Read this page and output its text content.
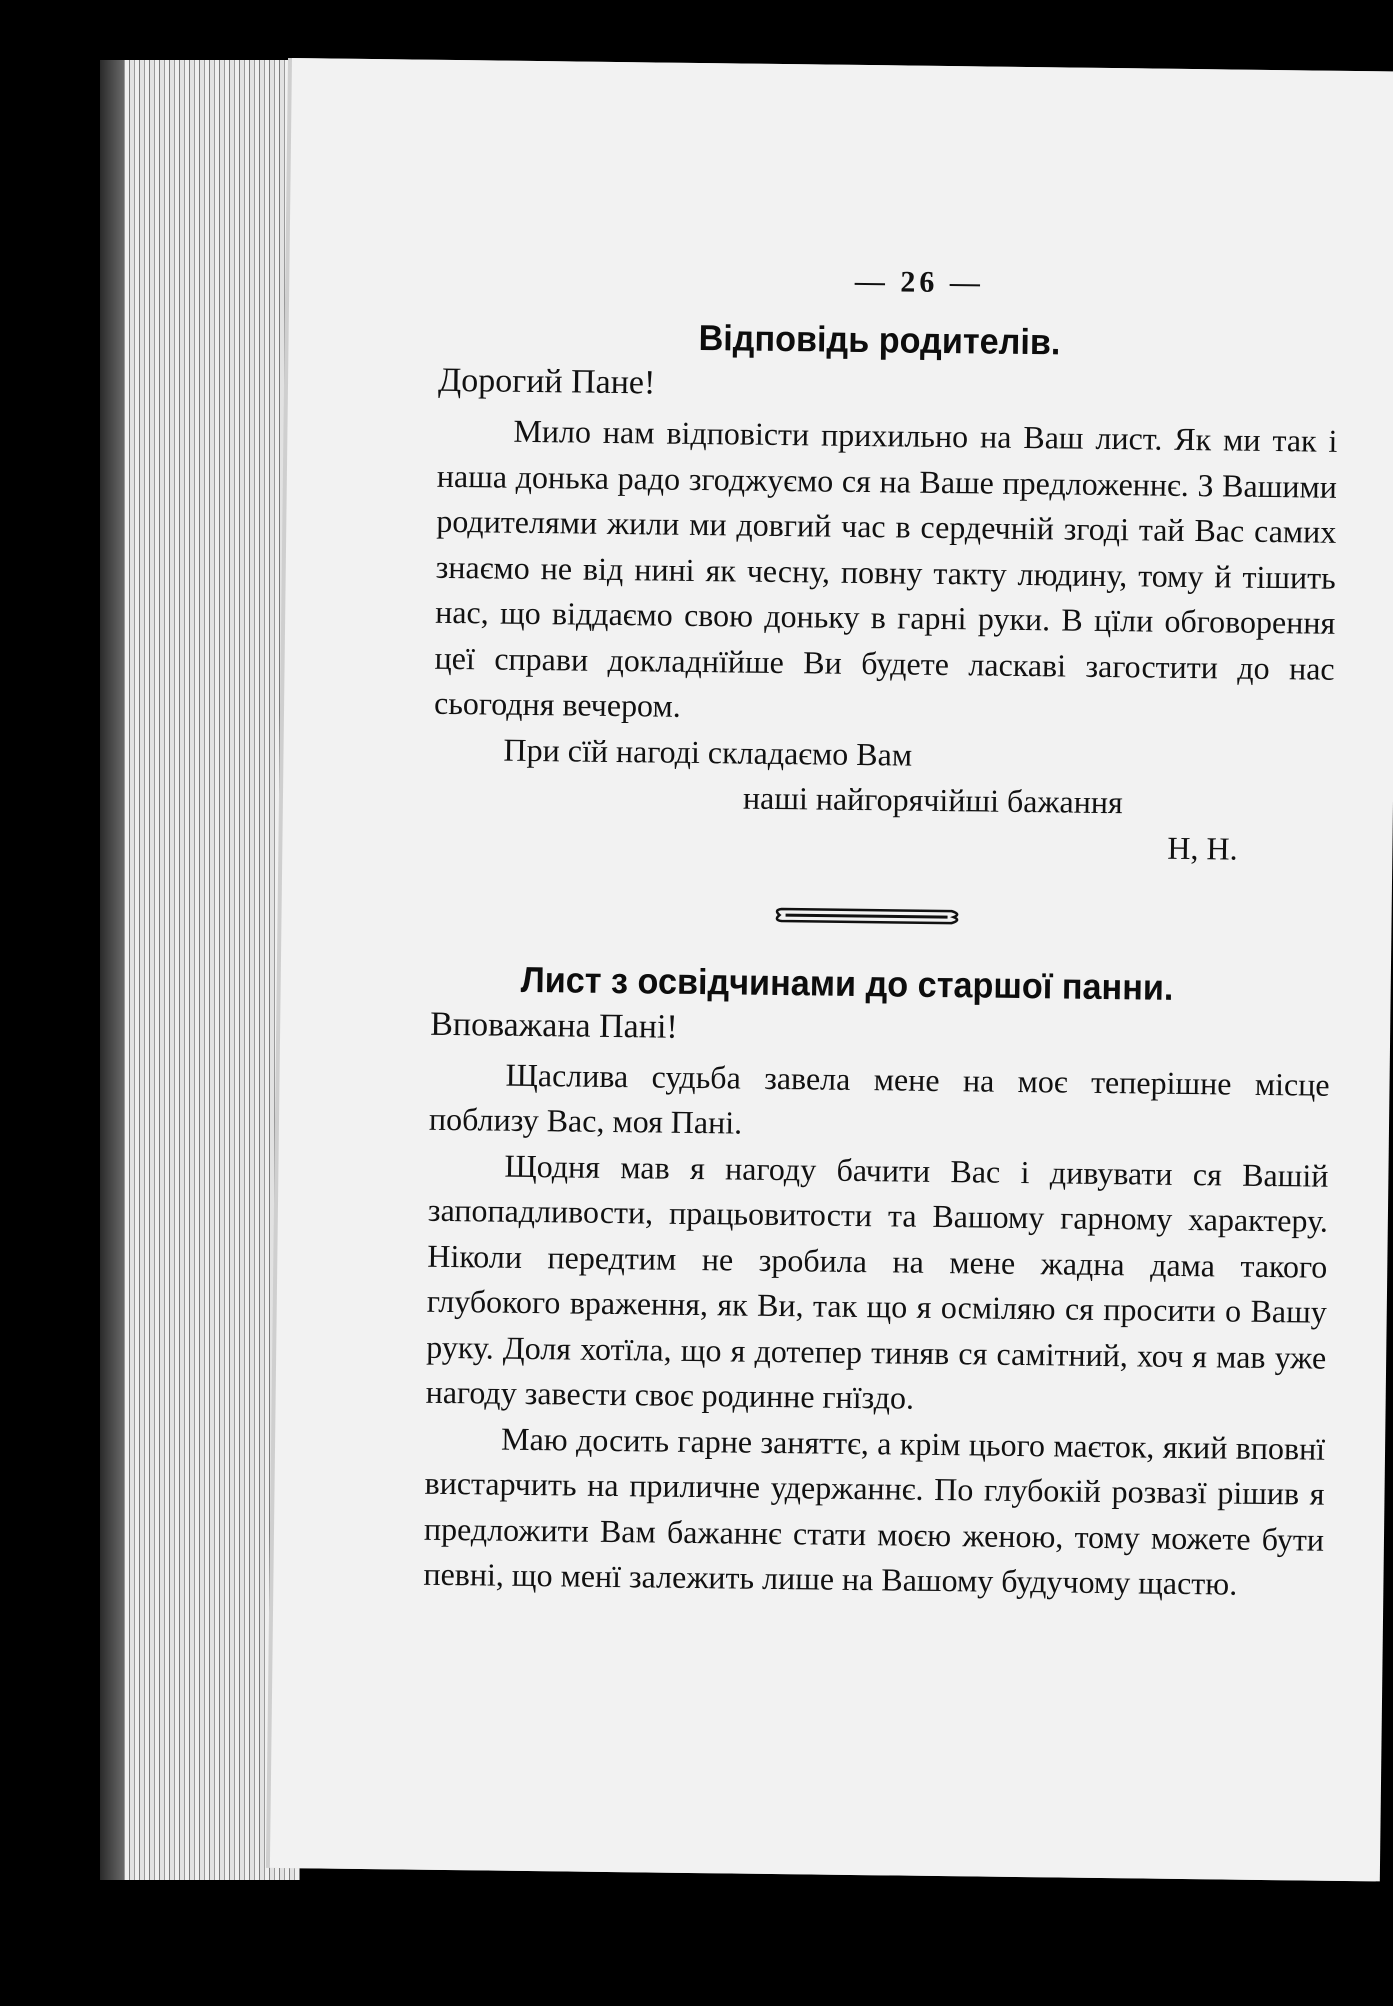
— 26 —
Відповідь родителів.
Дорогий Пане!

Мило нам відповісти прихильно на Ваш лист. Як ми так і наша донька радо згоджуємо ся на Ваше предложеннє. З Вашими родителями жили ми довгий час в сердечній згоді тай Вас самих знаємо не від нині як чесну, повну такту людину, тому й тішить нас, що віддаємо свою доньку в гарні руки. В цїли обговорення цеї справи докладнїйше Ви будете ласкаві загостити до нас сьогодня вечером.

При сїй нагоді складаємо Вам
наші найгорячійші бажання
Н, Н.
Лист з освідчинами до старшої панни.
Вповажана Пані!

Щаслива судьба завела мене на моє теперішне місце поблизу Вас, моя Пані.

Щодня мав я нагоду бачити Вас і дивувати ся Вашій запопадливости, працьовитости та Вашому гарному характеру. Ніколи передтим не зробила на мене жадна дама такого глубокого враження, як Ви, так що я осміляю ся просити о Вашу руку. Доля хотїла, що я дотепер тиняв ся самітний, хоч я мав уже нагоду завести своє родинне гнїздо.

Маю досить гарне заняттє, а крім цього маєток, який вповнї вистарчить на приличне удержаннє. По глубокій розвазї рішив я предложити Вам бажаннє стати моєю женою, тому можете бути певні, що менї залежить лише на Вашому будучому щастю.
